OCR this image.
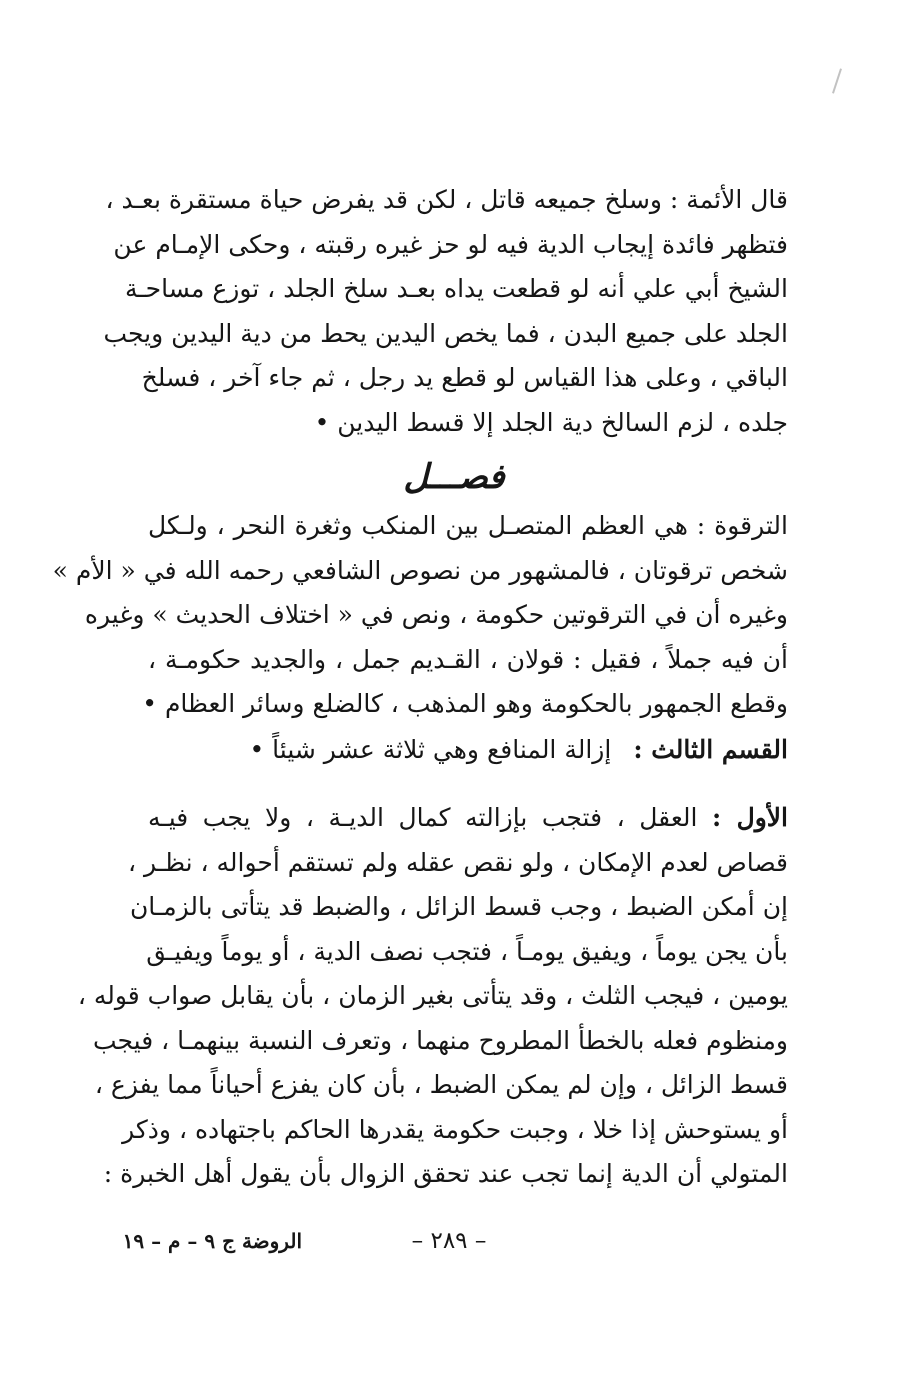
قال الأئمة : وسلخ جميعه قاتل ، لكن قد يفرض حياة مستقرة بعـد ،
فتظهر فائدة إيجاب الدية فيه لو حز غيره رقبته ، وحكى الإمـام عن
الشيخ أبي علي أنه لو قطعت يداه بعـد سلخ الجلد ، توزع مساحـة
الجلد على جميع البدن ، فما يخص اليدين يحط من دية اليدين ويجب
الباقي ، وعلى هذا القياس لو قطع يد رجل ، ثم جاء آخر ، فسلخ
جلده ، لزم السالخ دية الجلد إلا قسط اليدين •
فصـــل
الترقوة : هي العظم المتصـل بين المنكب وثغرة النحر ، ولـكل
شخص ترقوتان ، فالمشهور من نصوص الشافعي رحمه الله في « الأم »
وغيره أن في الترقوتين حكومة ، ونص في « اختلاف الحديث » وغيره
أن فيه جملاً ، فقيل : قولان ، القـديم جمل ، والجديد حكومـة ،
وقطع الجمهور بالحكومة وهو المذهب ، كالضلع وسائر العظام •
القسم الثالث :إزالة المنافع وهي ثلاثة عشر شيئاً •
الأول : العقل ، فتجب بإزالته كمال الديـة ، ولا يجب فيـه
قصاص لعدم الإمكان ، ولو نقص عقله ولم تستقم أحواله ، نظـر ،
إن أمكن الضبط ، وجب قسط الزائل ، والضبط قد يتأتى بالزمـان
بأن يجن يوماً ، ويفيق يومـاً ، فتجب نصف الدية ، أو يوماً ويفيـق
يومين ، فيجب الثلث ، وقد يتأتى بغير الزمان ، بأن يقابل صواب قوله ،
ومنظوم فعله بالخطأ المطروح منهما ، وتعرف النسبة بينهمـا ، فيجب
قسط الزائل ، وإن لم يمكن الضبط ، بأن كان يفزع أحياناً مما يفزع ،
أو يستوحش إذا خلا ، وجبت حكومة يقدرها الحاكم باجتهاده ، وذكر
المتولي أن الدية إنما تجب عند تحقق الزوال بأن يقول أهل الخبرة :
– ٢٨٩ –
الروضة ج ٩ – م – ١٩
